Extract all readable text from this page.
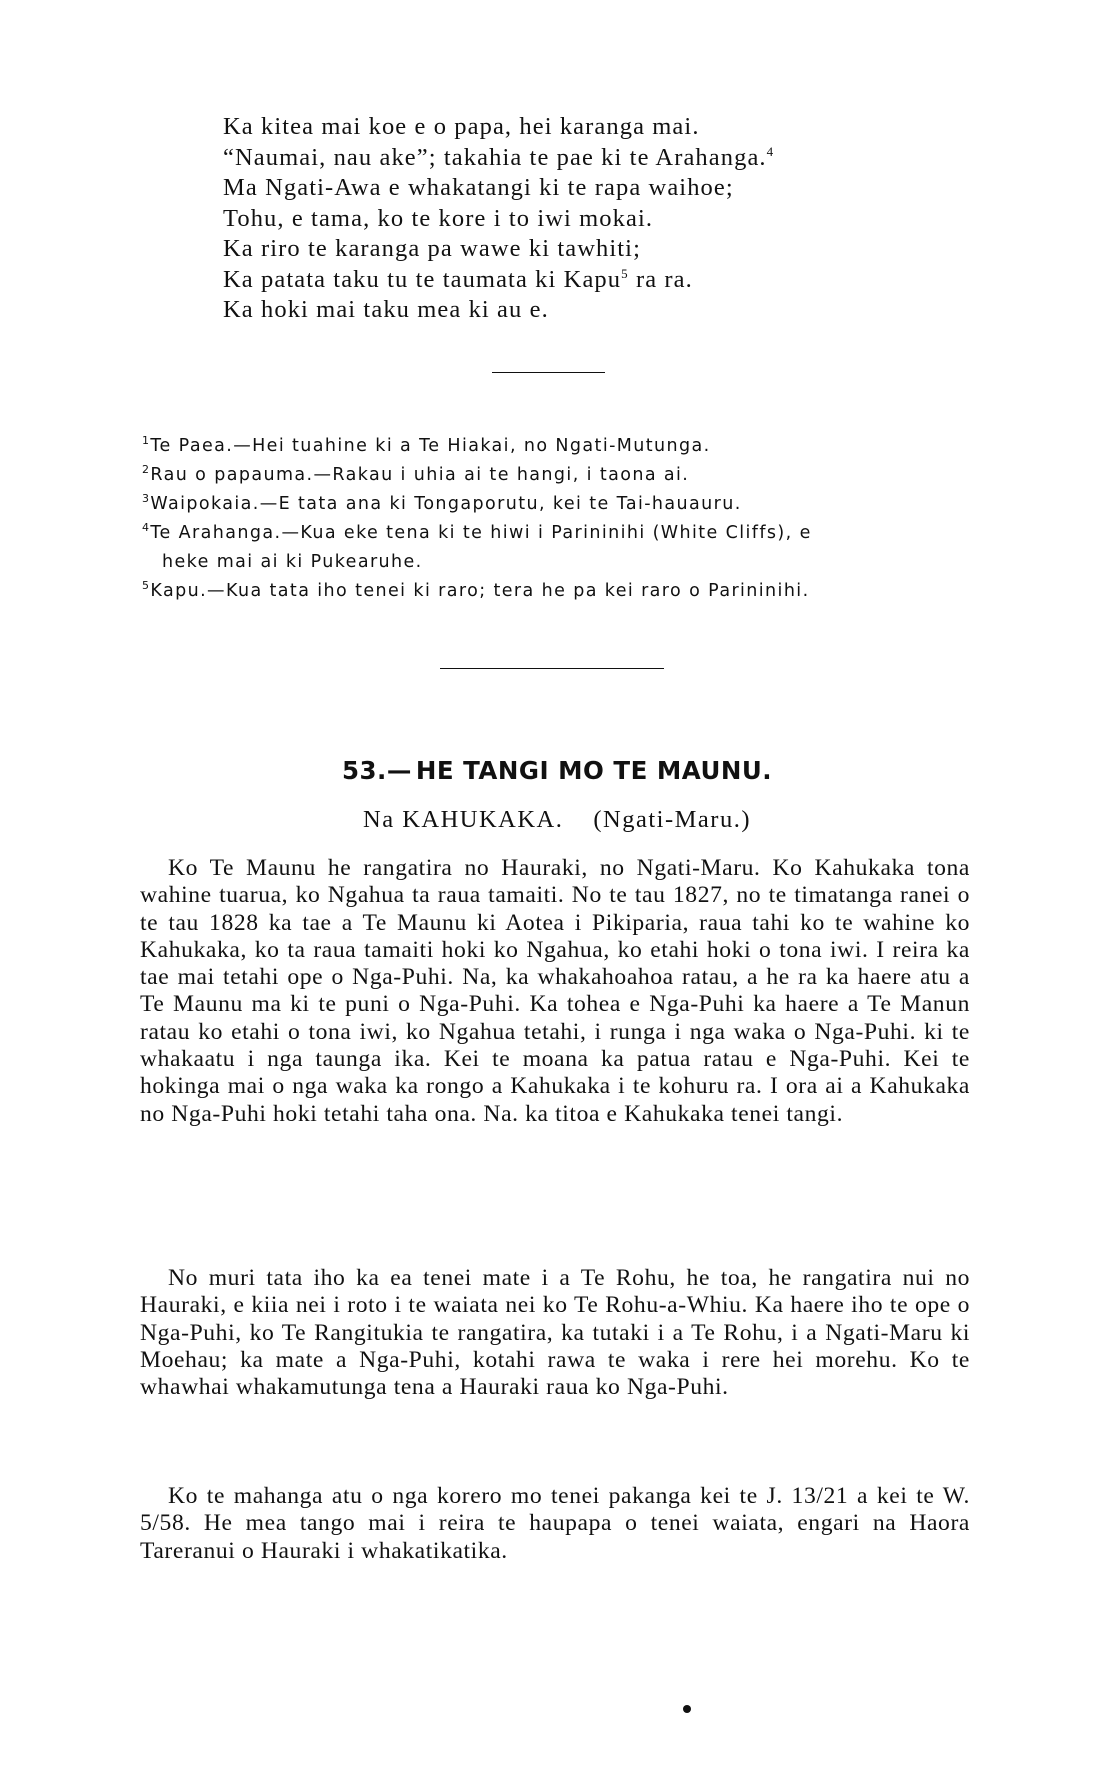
Ka kitea mai koe e o papa, hei karanga mai.
“Naumai, nau ake”; takahia te pae ki te Arahanga.$^4$
Ma Ngati-Awa e whakatangi ki te rapa waihoe;
Tohu, e tama, ko te kore i to iwi mokai.
Ka riro te karanga pa wawe ki tawhiti;
Ka patata taku tu te taumata ki Kapu$^5$ ra ra.
Ka hoki mai taku mea ki au e.
$^1$Te Paea.—Hei tuahine ki a Te Hiakai, no Ngati-Mutunga.
$^2$Rau o papauma.—Rakau i uhia ai te hangi, i taona ai.
$^3$Waipokaia.—E tata ana ki Tongaporutu, kei te Tai-hauauru.
$^4$Te Arahanga.—Kua eke tena ki te hiwi i Parininihi (White Cliffs), e
heke mai ai ki Pukearuhe.
$^5$Kapu.—Kua tata iho tenei ki raro; tera he pa kei raro o Parininihi.
53.— HE TANGI MO TE MAUNU.
Na KAHUKAKA. (Ngati-Maru.)

Ko Te Maunu he rangatira no Hauraki, no Ngati-Maru. Ko Kahukaka tona wahine tuarua, ko Ngahua ta raua tamaiti. No te tau 1827, no te timatanga ranei o te tau 1828 ka tae a Te Maunu ki Aotea i Pikiparia, raua tahi ko te wahine ko Kahukaka, ko ta raua tamaiti hoki ko Ngahua, ko etahi hoki o tona iwi. I reira ka tae mai tetahi ope o Nga-Puhi. Na, ka whakahoahoa ratau, a he ra ka haere atu a Te Maunu ma ki te puni o Nga-Puhi. Ka tohea e Nga-Puhi ka haere a Te Manun ratau ko etahi o tona iwi, ko Ngahua tetahi, i runga i nga waka o Nga-Puhi. ki te whakaatu i nga taunga ika. Kei te moana ka patua ratau e Nga-Puhi. Kei te hokinga mai o nga waka ka rongo a Kahukaka i te kohuru ra. I ora ai a Kahukaka no Nga-Puhi hoki tetahi taha ona. Na. ka titoa e Kahukaka tenei tangi.

No muri tata iho ka ea tenei mate i a Te Rohu, he toa, he rangatira nui no Hauraki, e kiia nei i roto i te waiata nei ko Te Rohu-a-Whiu. Ka haere iho te ope o Nga-Puhi, ko Te Rangitukia te rangatira, ka tutaki i a Te Rohu, i a Ngati-Maru ki Moehau; ka mate a Nga-Puhi, kotahi rawa te waka i rere hei morehu. Ko te whawhai whakamutunga tena a Hauraki raua ko Nga-Puhi.

Ko te mahanga atu o nga korero mo tenei pakanga kei te J. 13/21 a kei te W. 5/58. He mea tango mai i reira te haupapa o tenei waiata, engari na Haora Tareranui o Hauraki i whakatikatika.
